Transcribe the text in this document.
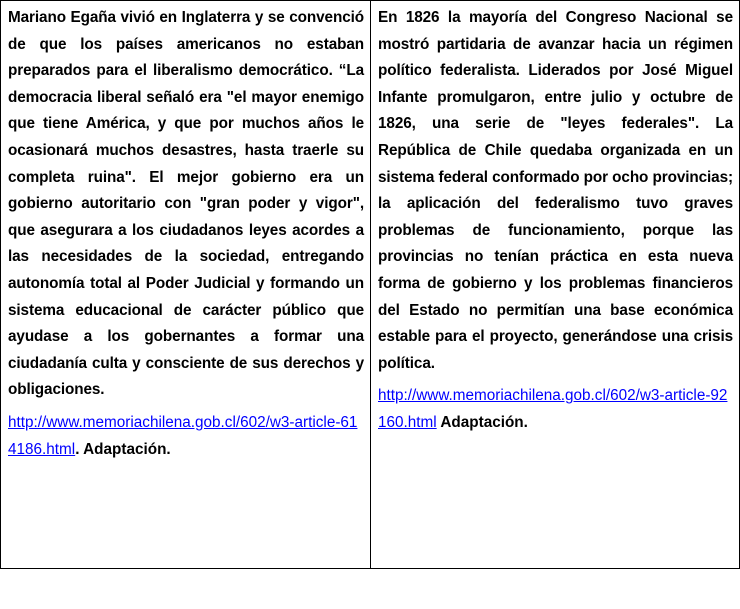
Mariano Egaña vivió en Inglaterra y se convenció de que los países americanos no estaban preparados para el liberalismo democrático. “La democracia liberal señaló era "el mayor enemigo que tiene América, y que por muchos años le ocasionará muchos desastres, hasta traerle su completa ruina". El mejor gobierno era un gobierno autoritario con "gran poder y vigor", que asegurara a los ciudadanos leyes acordes a las necesidades de la sociedad, entregando autonomía total al Poder Judicial y formando un sistema educacional de carácter público que ayudase a los gobernantes a formar una ciudadanía culta y consciente de sus derechos y obligaciones.

http://www.memoriachilena.gob.cl/602/w3-article-614186.html. Adaptación.

En 1826 la mayoría del Congreso Nacional se mostró partidaria de avanzar hacia un régimen político federalista. Liderados por José Miguel Infante promulgaron, entre julio y octubre de 1826, una serie de "leyes federales". La República de Chile quedaba organizada en un sistema federal conformado por ocho provincias; la aplicación del federalismo tuvo graves problemas de funcionamiento, porque las provincias no tenían práctica en esta nueva forma de gobierno y los problemas financieros del Estado no permitían una base económica estable para el proyecto, generándose una crisis política.

http://www.memoriachilena.gob.cl/602/w3-article-92160.html Adaptación.
